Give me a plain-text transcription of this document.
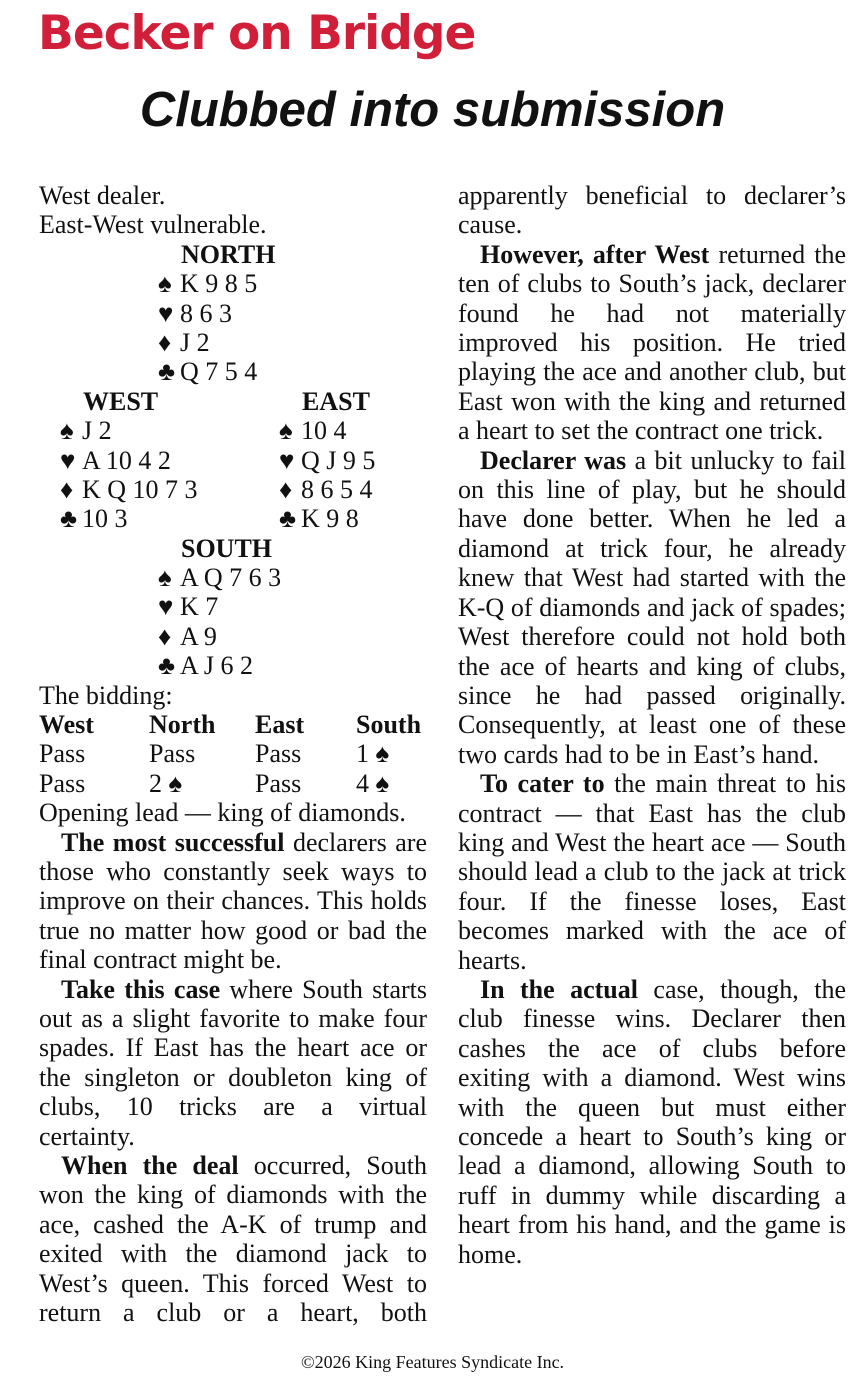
Becker on Bridge
Clubbed into submission
West dealer.
East-West vulnerable.
NORTH
♠ K 9 8 5
♥ 8 6 3
♦ J 2
♣ Q 7 5 4
WEST	EAST
♠ J 2	♠ 10 4
♥ A 10 4 2	♥ Q J 9 5
♦ K Q 10 7 3	♦ 8 6 5 4
♣ 10 3	♣ K 9 8
SOUTH
♠ A Q 7 6 3
♥ K 7
♦ A 9
♣ A J 6 2
The bidding:
West North East South
Pass Pass Pass 1 ♠
Pass 2 ♠	Pass 4 ♠
Opening lead — king of diamonds.

The most successful declarers are those who constantly seek ways to improve on their chances. This holds true no matter how good or bad the final contract might be.

Take this case where South starts out as a slight favorite to make four spades. If East has the heart ace or the singleton or doubleton king of clubs, 10 tricks are a virtual certainty.

When the deal occurred, South won the king of diamonds with the ace, cashed the A-K of trump and exited with the diamond jack to West’s queen. This forced West to return a club or a heart, both

apparently beneficial to declarer’s cause.

However, after West returned the ten of clubs to South’s jack, declarer found he had not materially improved his position. He tried playing the ace and another club, but East won with the king and returned a heart to set the contract one trick.

Declarer was a bit unlucky to fail on this line of play, but he should have done better. When he led a diamond at trick four, he already knew that West had started with the K-Q of diamonds and jack of spades; West therefore could not hold both the ace of hearts and king of clubs, since he had passed originally. Consequently, at least one of these two cards had to be in East’s hand.

To cater to the main threat to his contract — that East has the club king and West the heart ace — South should lead a club to the jack at trick four. If the finesse loses, East becomes marked with the ace of hearts.

In the actual case, though, the club finesse wins. Declarer then cashes the ace of clubs before exiting with a diamond. West wins with the queen but must either concede a heart to South’s king or lead a diamond, allowing South to ruff in dummy while discarding a heart from his hand, and the game is home.

©2026 King Features Syndicate Inc.
